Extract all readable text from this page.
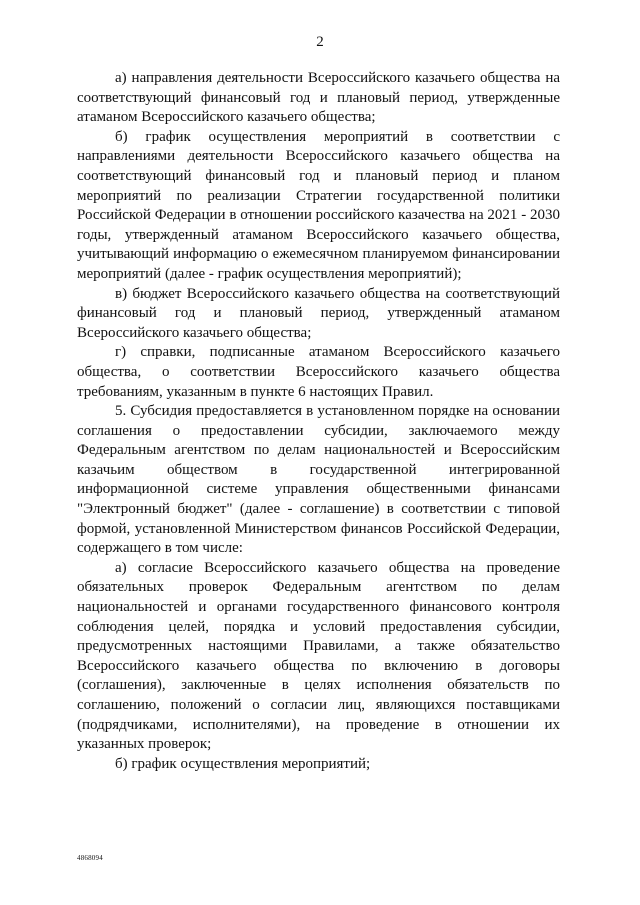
2

а) направления деятельности Всероссийского казачьего общества на соответствующий финансовый год и плановый период, утвержденные атаманом Всероссийского казачьего общества;

б) график осуществления мероприятий в соответствии с направлениями деятельности Всероссийского казачьего общества на соответствующий финансовый год и плановый период и планом мероприятий по реализации Стратегии государственной политики Российской Федерации в отношении российского казачества на 2021 - 2030 годы, утвержденный атаманом Всероссийского казачьего общества, учитывающий информацию о ежемесячном планируемом финансировании мероприятий (далее - график осуществления мероприятий);

в) бюджет Всероссийского казачьего общества на соответствующий финансовый год и плановый период, утвержденный атаманом Всероссийского казачьего общества;

г) справки, подписанные атаманом Всероссийского казачьего общества, о соответствии Всероссийского казачьего общества требованиям, указанным в пункте 6 настоящих Правил.

5. Субсидия предоставляется в установленном порядке на основании соглашения о предоставлении субсидии, заключаемого между Федеральным агентством по делам национальностей и Всероссийским казачьим обществом в государственной интегрированной информационной системе управления общественными финансами "Электронный бюджет" (далее - соглашение) в соответствии с типовой формой, установленной Министерством финансов Российской Федерации, содержащего в том числе:

а) согласие Всероссийского казачьего общества на проведение обязательных проверок Федеральным агентством по делам национальностей и органами государственного финансового контроля соблюдения целей, порядка и условий предоставления субсидии, предусмотренных настоящими Правилами, а также обязательство Всероссийского казачьего общества по включению в договоры (соглашения), заключенные в целях исполнения обязательств по соглашению, положений о согласии лиц, являющихся поставщиками (подрядчиками, исполнителями), на проведение в отношении их указанных проверок;

б) график осуществления мероприятий;

4868094
